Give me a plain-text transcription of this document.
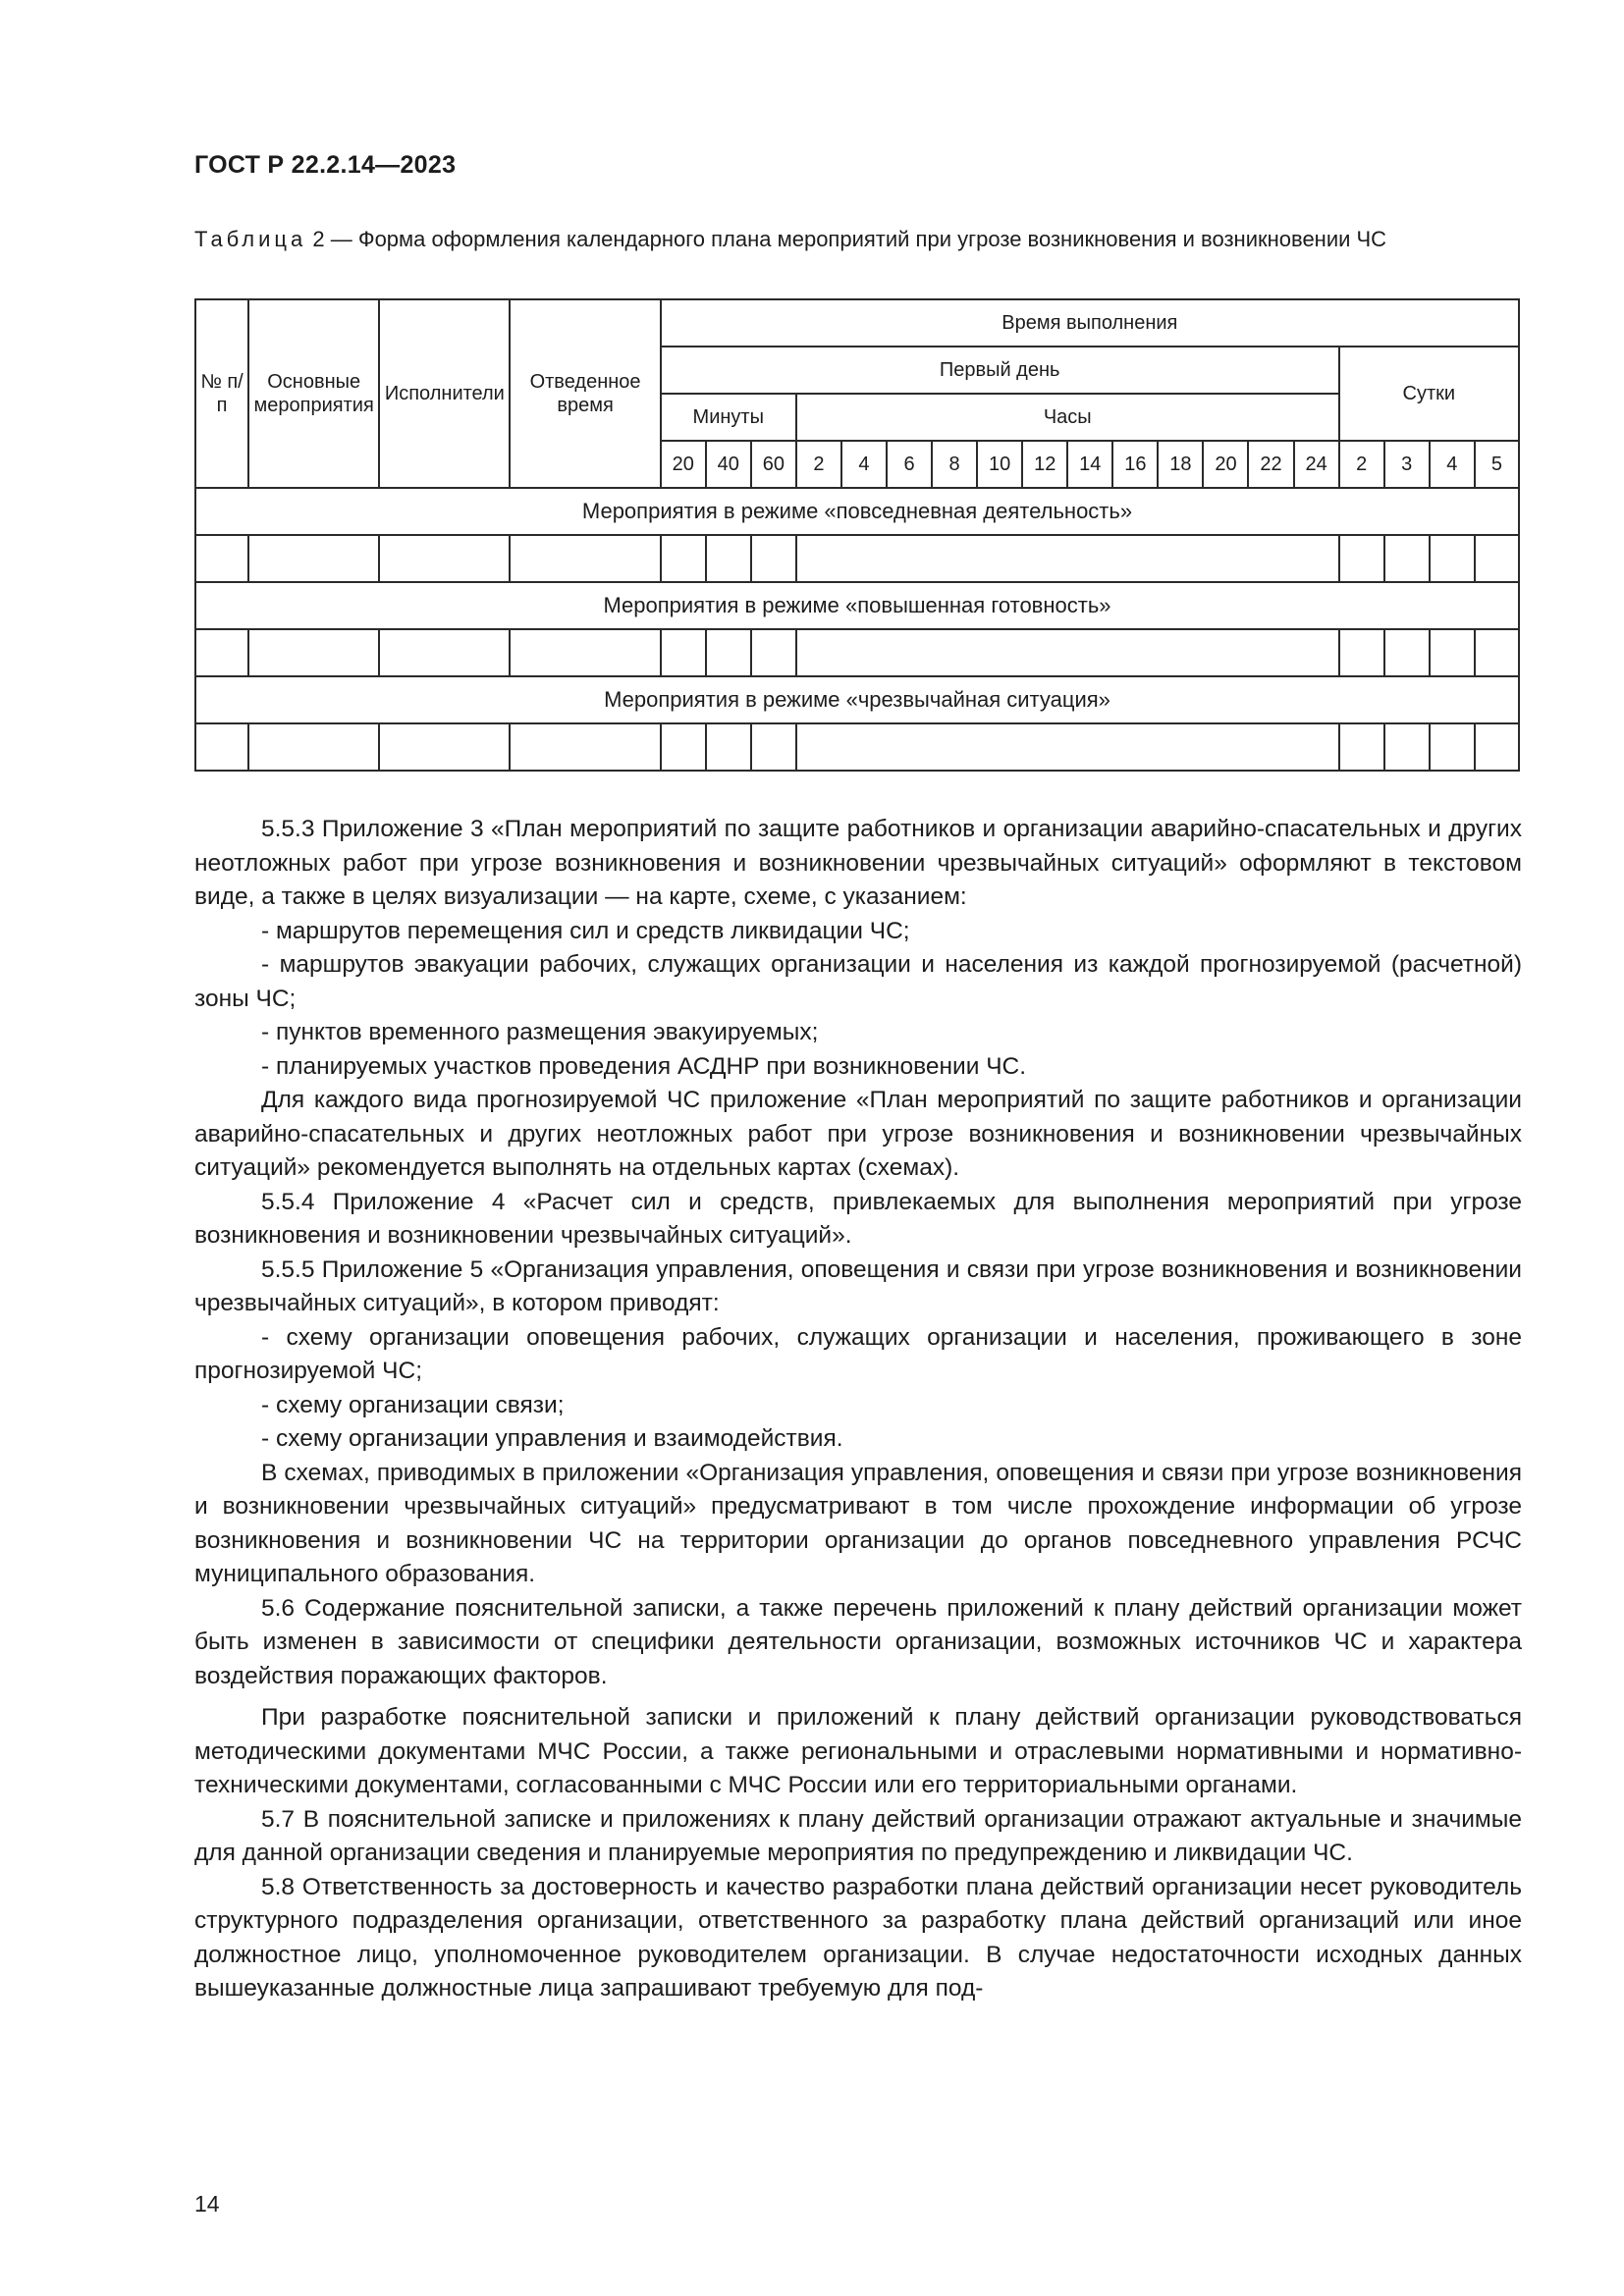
ГОСТ Р 22.2.14—2023
Таблица 2 — Форма оформления календарного плана мероприятий при угрозе возникновения и возникновении ЧС
№ п/п	Основные мероприятия	Исполнители	Отведенное время	Время выполнения																		
				Первый день															Сутки			
				Минуты			Часы															
				20	40	60	2	4	6	8	10	12	14	16	18	20	22	24	2	3	4	5
Мероприятия в режиме «повседневная деятельность»																						

Мероприятия в режиме «повышенная готовность»																						

Мероприятия в режиме «чрезвычайная ситуация»																						

5.5.3 Приложение 3 «План мероприятий по защите работников и организации аварийно-спасательных и других неотложных работ при угрозе возникновения и возникновении чрезвычайных ситуаций» оформляют в текстовом виде, а также в целях визуализации — на карте, схеме, с указанием:

- маршрутов перемещения сил и средств ликвидации ЧС;

- маршрутов эвакуации рабочих, служащих организации и населения из каждой прогнозируемой (расчетной) зоны ЧС;

- пунктов временного размещения эвакуируемых;

- планируемых участков проведения АСДНР при возникновении ЧС.

Для каждого вида прогнозируемой ЧС приложение «План мероприятий по защите работников и организации аварийно-спасательных и других неотложных работ при угрозе возникновения и возникновении чрезвычайных ситуаций» рекомендуется выполнять на отдельных картах (схемах).

5.5.4 Приложение 4 «Расчет сил и средств, привлекаемых для выполнения мероприятий при угрозе возникновения и возникновении чрезвычайных ситуаций».

5.5.5 Приложение 5 «Организация управления, оповещения и связи при угрозе возникновения и возникновении чрезвычайных ситуаций», в котором приводят:

- схему организации оповещения рабочих, служащих организации и населения, проживающего в зоне прогнозируемой ЧС;

- схему организации связи;

- схему организации управления и взаимодействия.

В схемах, приводимых в приложении «Организация управления, оповещения и связи при угрозе возникновения и возникновении чрезвычайных ситуаций» предусматривают в том числе прохождение информации об угрозе возникновения и возникновении ЧС на территории организации до органов повседневного управления РСЧС муниципального образования.

5.6 Содержание пояснительной записки, а также перечень приложений к плану действий организации может быть изменен в зависимости от специфики деятельности организации, возможных источников ЧС и характера воздействия поражающих факторов.

При разработке пояснительной записки и приложений к плану действий организации руководствоваться методическими документами МЧС России, а также региональными и отраслевыми нормативными и нормативно-техническими документами, согласованными с МЧС России или его территориальными органами.

5.7 В пояснительной записке и приложениях к плану действий организации отражают актуальные и значимые для данной организации сведения и планируемые мероприятия по предупреждению и ликвидации ЧС.

5.8 Ответственность за достоверность и качество разработки плана действий организации несет руководитель структурного подразделения организации, ответственного за разработку плана действий организаций или иное должностное лицо, уполномоченное руководителем организации. В случае недостаточности исходных данных вышеуказанные должностные лица запрашивают требуемую для под-

14
